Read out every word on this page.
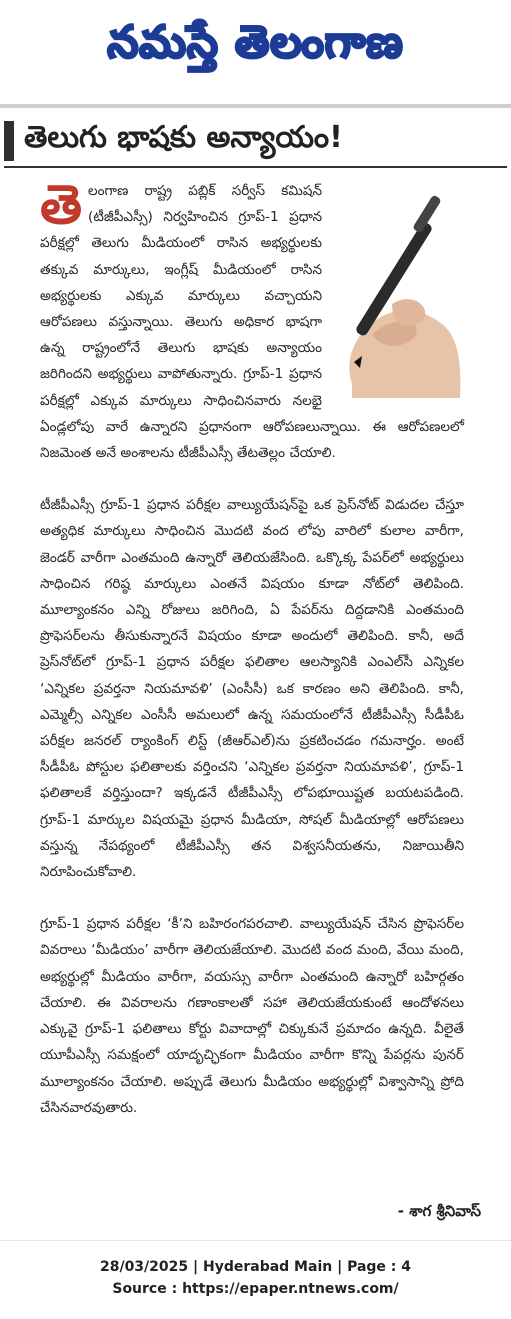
నమస్తే తెలంగాణ
తెలుగు భాషకు అన్యాయం!

తె లంగాణ రాష్ట్ర పబ్లిక్ సర్వీస్ కమిషన్ (టీజీపీఎస్సీ) నిర్వహించిన గ్రూప్-1 ప్రధాన పరీక్షల్లో తెలుగు మీడియంలో రాసిన అభ్యర్థులకు తక్కువ మార్కులు, ఇంగ్లీష్ మీడియంలో రాసిన అభ్యర్థులకు ఎక్కువ మార్కులు వచ్చాయని ఆరోపణలు వస్తున్నాయి. తెలుగు అధికార భాషగా ఉన్న రాష్ట్రంలోనే తెలుగు భాషకు అన్యాయం జరిగిందని అభ్యర్థులు వాపోతున్నారు. గ్రూప్-1 ప్రధాన పరీక్షల్లో ఎక్కువ మార్కులు సాధించినవారు నలభై ఏండ్లలోపు వారే ఉన్నారని ప్రధానంగా ఆరోపణలున్నాయి. ఈ ఆరోపణలలో నిజమెంత అనే అంశాలను టీజీపీఎస్సీ తేటతెల్లం చేయాలి.

టీజీపీఎస్సీ గ్రూప్-1 ప్రధాన పరీక్షల వాల్యుయేషన్‌పై ఒక ప్రెస్‌నోట్ విడుదల చేస్తూ అత్యధిక మార్కులు సాధించిన మొదటి వంద లోపు వారిలో కులాల వారీగా, జెండర్ వారీగా ఎంతమంది ఉన్నారో తెలియజేసింది. ఒక్కొక్క పేపర్‌లో అభ్యర్థులు సాధించిన గరిష్ఠ మార్కులు ఎంతనే విషయం కూడా నోట్‌లో తెలిపింది. మూల్యాంకనం ఎన్ని రోజులు జరిగింది, ఏ పేపర్‌ను దిద్దడానికి ఎంతమంది ప్రొఫెసర్‌లను తీసుకున్నారనే విషయం కూడా అందులో తెలిపింది. కానీ, అదే ప్రెస్‌నోట్‌లో గ్రూప్-1 ప్రధాన పరీక్షల ఫలితాల ఆలస్యానికి ఎంఎల్‌సీ ఎన్నికల ‘ఎన్నికల ప్రవర్తనా నియమావళి’ (ఎంసీసీ) ఒక కారణం అని తెలిపింది. కానీ, ఎమ్మెల్సీ ఎన్నికల ఎంసీసీ అమలులో ఉన్న సమయంలోనే టీజీపీఎస్సీ సీడీపీఓ పరీక్షల జనరల్ ర్యాంకింగ్ లిస్ట్ (జీఆర్ఎల్)ను ప్రకటించడం గమనార్హం. అంటే సీడీపీఓ పోస్టుల ఫలితాలకు వర్తించని ‘ఎన్నికల ప్రవర్తనా నియమావళి’, గ్రూప్-1 ఫలితాలకే వర్తిస్తుందా? ఇక్కడనే టీజీపీఎస్సీ లోపభూయిష్టత బయటపడింది. గ్రూప్-1 మార్కుల విషయమై ప్రధాన మీడియా, సోషల్ మీడియాల్లో ఆరోపణలు వస్తున్న నేపథ్యంలో టీజీపీఎస్సీ తన విశ్వసనీయతను, నిజాయితీని నిరూపించుకోవాలి.

గ్రూప్-1 ప్రధాన పరీక్షల ‘కీ’ని బహిరంగపరచాలి. వాల్యుయేషన్ చేసిన ప్రొఫెసర్‌ల వివరాలు ‘మీడియం’ వారీగా తెలియజేయాలి. మొదటి వంద మంది, వేయి మంది, అభ్యర్థుల్లో మీడియం వారీగా, వయస్సు వారీగా ఎంతమంది ఉన్నారో బహిర్గతం చేయాలి. ఈ వివరాలను గణాంకాలతో సహా తెలియజేయకుంటే ఆందోళనలు ఎక్కువై గ్రూప్-1 ఫలితాలు కోర్టు వివాదాల్లో చిక్కుకునే ప్రమాదం ఉన్నది. వీలైతే యూపీఎస్సీ సమక్షంలో యాదృచ్ఛికంగా మీడియం వారీగా కొన్ని పేపర్లను పునర్ మూల్యాంకనం చేయాలి. అప్పుడే తెలుగు మీడియం అభ్యర్థుల్లో విశ్వాసాన్ని ప్రోది చేసినవారవుతారు.

- శాగ శ్రీనివాస్
28/03/2025 | Hyderabad Main | Page : 4
Source : https://epaper.ntnews.com/
